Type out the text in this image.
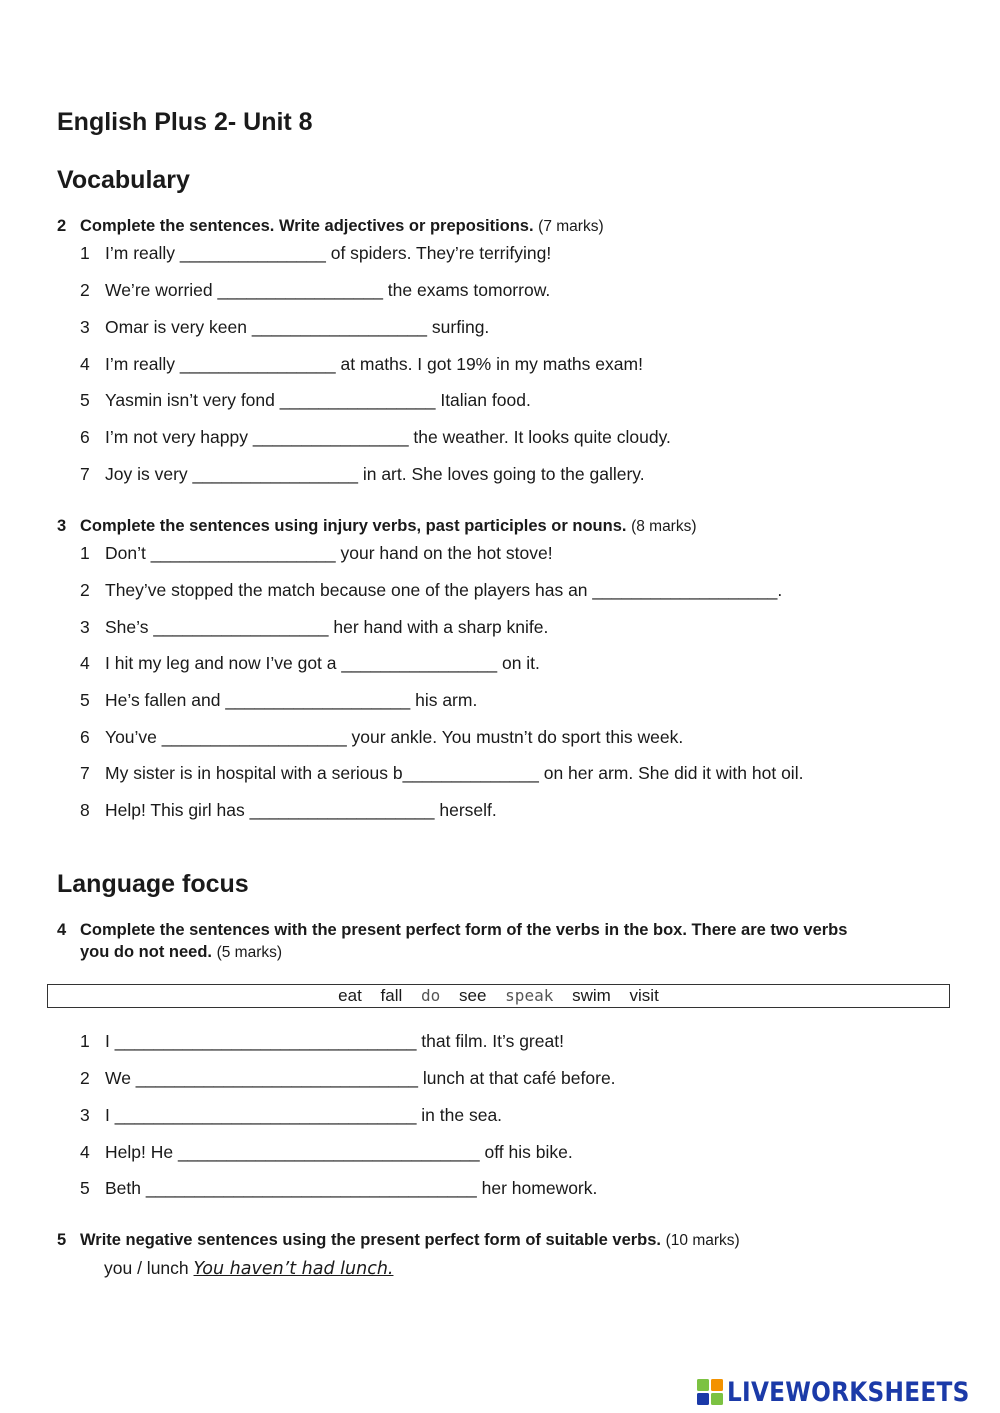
English Plus 2- Unit 8
Vocabulary
2 Complete the sentences. Write adjectives or prepositions. (7 marks)
1 I’m really _______________ of spiders. They’re terrifying!
2 We’re worried _________________ the exams tomorrow.
3 Omar is very keen __________________ surfing.
4 I’m really ________________ at maths. I got 19% in my maths exam!
5 Yasmin isn’t very fond ________________ Italian food.
6 I’m not very happy ________________ the weather. It looks quite cloudy.
7 Joy is very _________________ in art. She loves going to the gallery.
3 Complete the sentences using injury verbs, past participles or nouns. (8 marks)
1 Don’t ___________________ your hand on the hot stove!
2 They’ve stopped the match because one of the players has an ___________________.
3 She’s __________________ her hand with a sharp knife.
4 I hit my leg and now I’ve got a ________________ on it.
5 He’s fallen and ___________________ his arm.
6 You’ve ___________________ your ankle. You mustn’t do sport this week.
7 My sister is in hospital with a serious b______________ on her arm. She did it with hot oil.
8 Help! This girl has ___________________ herself.
Language focus
4 Complete the sentences with the present perfect form of the verbs in the box. There are two verbs
you do not need. (5 marks)
eat fall do see speak swim visit
1 I _______________________________ that film. It’s great!
2 We _____________________________ lunch at that café before.
3 I _______________________________ in the sea.
4 Help! He _______________________________ off his bike.
5 Beth __________________________________ her homework.
5 Write negative sentences using the present perfect form of suitable verbs. (10 marks)
you / lunch You haven’t had lunch.
LIVEWORKSHEETS
